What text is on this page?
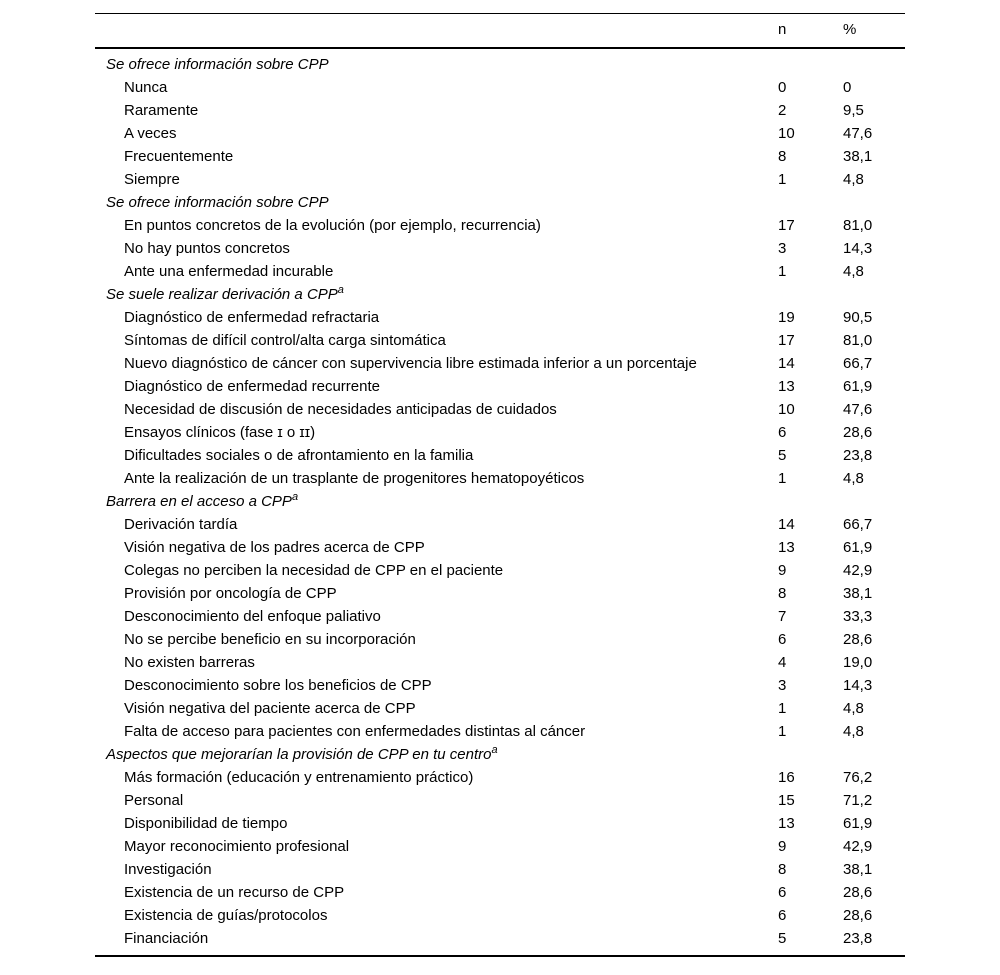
	n	%
Se ofrece información sobre CPP		
Nunca	0	0
Raramente	2	9,5
A veces	10	47,6
Frecuentemente	8	38,1
Siempre	1	4,8
Se ofrece información sobre CPP		
En puntos concretos de la evolución (por ejemplo, recurrencia)	17	81,0
No hay puntos concretos	3	14,3
Ante una enfermedad incurable	1	4,8
Se suele realizar derivación a CPP$^a$
Diagnóstico de enfermedad refractaria	19	90,5
Síntomas de difícil control/alta carga sintomática	17	81,0
Nuevo diagnóstico de cáncer con supervivencia libre estimada inferior a un porcentaje	14	66,7
Diagnóstico de enfermedad recurrente	13	61,9
Necesidad de discusión de necesidades anticipadas de cuidados	10	47,6
Ensayos clínicos (fase ɪ o ɪɪ)	6	28,6
Dificultades sociales o de afrontamiento en la familia	5	23,8
Ante la realización de un trasplante de progenitores hematopoyéticos	1	4,8
Barrera en el acceso a CPP$^a$
Derivación tardía	14	66,7
Visión negativa de los padres acerca de CPP	13	61,9
Colegas no perciben la necesidad de CPP en el paciente	9	42,9
Provisión por oncología de CPP	8	38,1
Desconocimiento del enfoque paliativo	7	33,3
No se percibe beneficio en su incorporación	6	28,6
No existen barreras	4	19,0
Desconocimiento sobre los beneficios de CPP	3	14,3
Visión negativa del paciente acerca de CPP	1	4,8
Falta de acceso para pacientes con enfermedades distintas al cáncer	1	4,8
Aspectos que mejorarían la provisión de CPP en tu centro$^a$
Más formación (educación y entrenamiento práctico)	16	76,2
Personal	15	71,2
Disponibilidad de tiempo	13	61,9
Mayor reconocimiento profesional	9	42,9
Investigación	8	38,1
Existencia de un recurso de CPP	6	28,6
Existencia de guías/protocolos	6	28,6
Financiación	5	23,8
